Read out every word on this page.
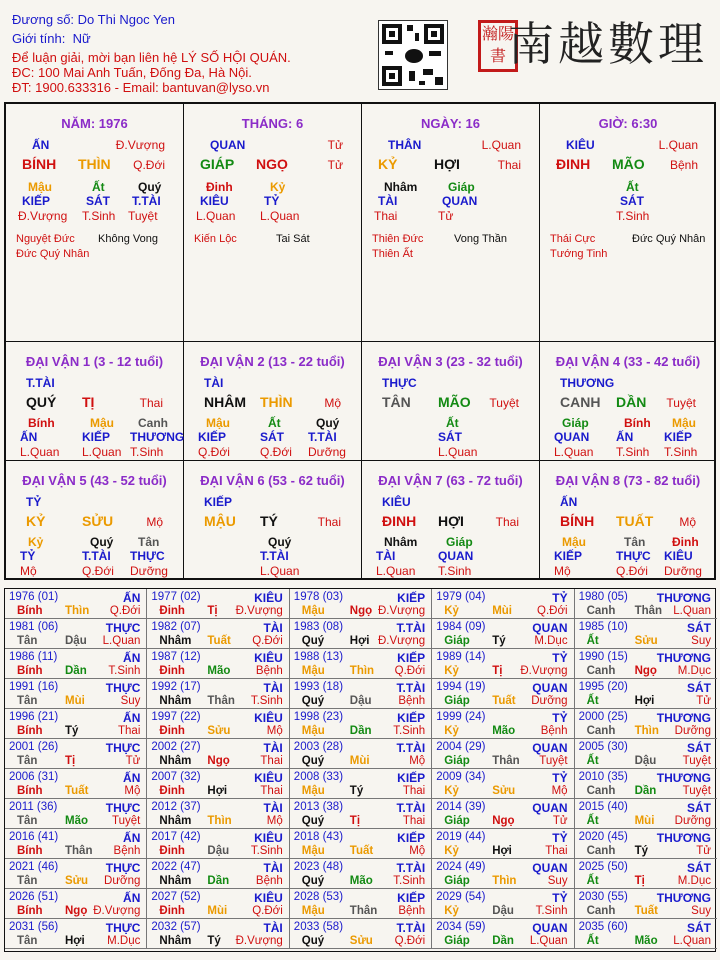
Đương số: Do Thi Ngoc Yen
Giới tính: Nữ
Để luận giải, mời bạn liên hệ LÝ SỐ HỘI QUÁN.
ĐC: 100 Mai Anh Tuấn, Đống Đa, Hà Nội.
ĐT: 1900.633316 - Email: bantuvan@lyso.vn
瀚陽書 南越數理
NĂM: 1976
ẤN	Đ.Vượng
BÍNH THÌN Q.Đới
Mậu
KIẾP
Đ.Vượng
Ất
SÁT
T.Sinh
Quý
T.TÀI
Tuyệt
Nguyệt Đức Không Vong
Đức Quý Nhân
THÁNG: 6
QUAN	Tử
GIÁP NGỌ	Tử
Đinh
KIÊU
L.Quan
Kỷ
TỶ
L.Quan
Kiến Lộc	Tai Sát
NGÀY: 16
THÂN	L.Quan
KỶ	HỢI	Thai
Nhâm
TÀI
Thai
Giáp
QUAN
Tử
Thiên Đức	Vong Thần
Thiên Ất
GIỜ: 6:30
KIÊU	L.Quan
ĐINH MÃO Bệnh
Ất
SÁT
T.Sinh
Thái Cực	Đức Quý Nhân
Tướng Tinh
ĐẠI VẬN 1 (3 - 12 tuổi)
T.TÀI
QUÝ TỊ	Thai
Bính
ẤN
L.Quan
Mậu
KIẾP
L.Quan
Canh
THƯƠNG
T.Sinh
ĐẠI VẬN 2 (13 - 22 tuổi)
TÀI
NHÂM THÌN	Mộ
Mậu
KIẾP
Q.Đới
Ất
SÁT
Q.Đới
Quý
T.TÀI
Dưỡng
ĐẠI VẬN 3 (23 - 32 tuổi)
THỰC
TÂN MÃO Tuyệt
Ất
SÁT
L.Quan
ĐẠI VẬN 4 (33 - 42 tuổi)
THƯƠNG
CANH DẦN Tuyệt
Giáp
QUAN
L.Quan
Bính
ẤN
T.Sinh
Mậu
KIẾP
T.Sinh
ĐẠI VẬN 5 (43 - 52 tuổi)
TỶ
KỶ	SỬU	Mộ
Kỷ
TỶ
Mộ
Quý
T.TÀI
Q.Đới
Tân
THỰC
Dưỡng
ĐẠI VẬN 6 (53 - 62 tuổi)
KIẾP
MẬU TÝ	Thai
Quý
T.TÀI
L.Quan
ĐẠI VẬN 7 (63 - 72 tuổi)
KIÊU
ĐINH HỢI	Thai
Nhâm
TÀI
L.Quan
Giáp
QUAN
T.Sinh
ĐẠI VẬN 8 (73 - 82 tuổi)
ẤN
BÍNH TUẤT Mộ
Mậu
KIẾP
Mộ
Tân
THỰC
Q.Đới
Đinh
KIÊU
Dưỡng
1976 (01)	ẤN
Bính Thìn Q.Đới
1977 (02)	KIÊU
Đinh Tị Đ.Vượng
1978 (03)	KIẾP
Mậu Ngọ Đ.Vượng
1979 (04)	TỶ
Kỷ	Mùi Q.Đới
1980 (05) THƯƠNG
Canh Thân L.Quan
1981 (06)	THỰC
Tân Dậu L.Quan
1982 (07)	TÀI
Nhâm Tuất Q.Đới
1983 (08)	T.TÀI
Quý Hợi Đ.Vượng
1984 (09)	QUAN
Giáp Tý M.Dục
1985 (10)	SÁT
Ất	Sửu	Suy
1986 (11)	ẤN
Bính Dần T.Sinh
1987 (12)	KIÊU
Đinh Mão Bệnh
1988 (13)	KIẾP
Mậu Thìn Q.Đới
1989 (14)	TỶ
Kỷ	Tị Đ.Vượng
1990 (15) THƯƠNG
Canh Ngọ M.Dục
1991 (16)	THỰC
Tân Mùi	Suy
1992 (17)	TÀI
Nhâm Thân T.Sinh
1993 (18)	T.TÀI
Quý Dậu Bệnh
1994 (19)	QUAN
Giáp Tuất Dưỡng
1995 (20)	SÁT
Ất	Hợi	Tử
1996 (21)	ẤN
Bính Tý	Thai
1997 (22)	KIÊU
Đinh Sửu	Mộ
1998 (23)	KIẾP
Mậu Dần T.Sinh
1999 (24)	TỶ
Kỷ	Mão Bệnh
2000 (25) THƯƠNG
Canh Thìn Dưỡng
2001 (26)	THỰC
Tân Tị	Tử
2002 (27)	TÀI
Nhâm Ngọ	Thai
2003 (28)	T.TÀI
Quý Mùi	Mộ
2004 (29)	QUAN
Giáp Thân Tuyệt
2005 (30)	SÁT
Ất	Dậu Tuyệt
2006 (31)	ẤN
Bính Tuất	Mộ
2007 (32)	KIÊU
Đinh Hợi	Thai
2008 (33)	KIẾP
Mậu Tý	Thai
2009 (34)	TỶ
Kỷ	Sửu	Mộ
2010 (35) THƯƠNG
Canh Dần Tuyệt
2011 (36)	THỰC
Tân Mão Tuyệt
2012 (37)	TÀI
Nhâm Thìn	Mộ
2013 (38)	T.TÀI
Quý Tị	Thai
2014 (39)	QUAN
Giáp Ngọ	Tử
2015 (40)	SÁT
Ất	Mùi Dưỡng
2016 (41)	ẤN
Bính Thân Bệnh
2017 (42)	KIÊU
Đinh Dậu T.Sinh
2018 (43)	KIẾP
Mậu Tuất	Mộ
2019 (44)	TỶ
Kỷ	Hợi	Thai
2020 (45) THƯƠNG
Canh Tý	Tử
2021 (46)	THỰC
Tân Sửu Dưỡng
2022 (47)	TÀI
Nhâm Dần Bệnh
2023 (48)	T.TÀI
Quý Mão T.Sinh
2024 (49)	QUAN
Giáp Thìn	Suy
2025 (50)	SÁT
Ất	Tị	M.Dục
2026 (51)	ẤN
Bính Ngọ Đ.Vượng
2027 (52)	KIÊU
Đinh Mùi Q.Đới
2028 (53)	KIẾP
Mậu Thân Bệnh
2029 (54)	TỶ
Kỷ	Dậu T.Sinh
2030 (55) THƯƠNG
Canh Tuất	Suy
2031 (56)	THỰC
Tân Hợi M.Dục
2032 (57)	TÀI
Nhâm Tý Đ.Vượng
2033 (58)	T.TÀI
Quý Sửu Q.Đới
2034 (59)	QUAN
Giáp Dần L.Quan
2035 (60)	SÁT
Ất	Mão L.Quan
